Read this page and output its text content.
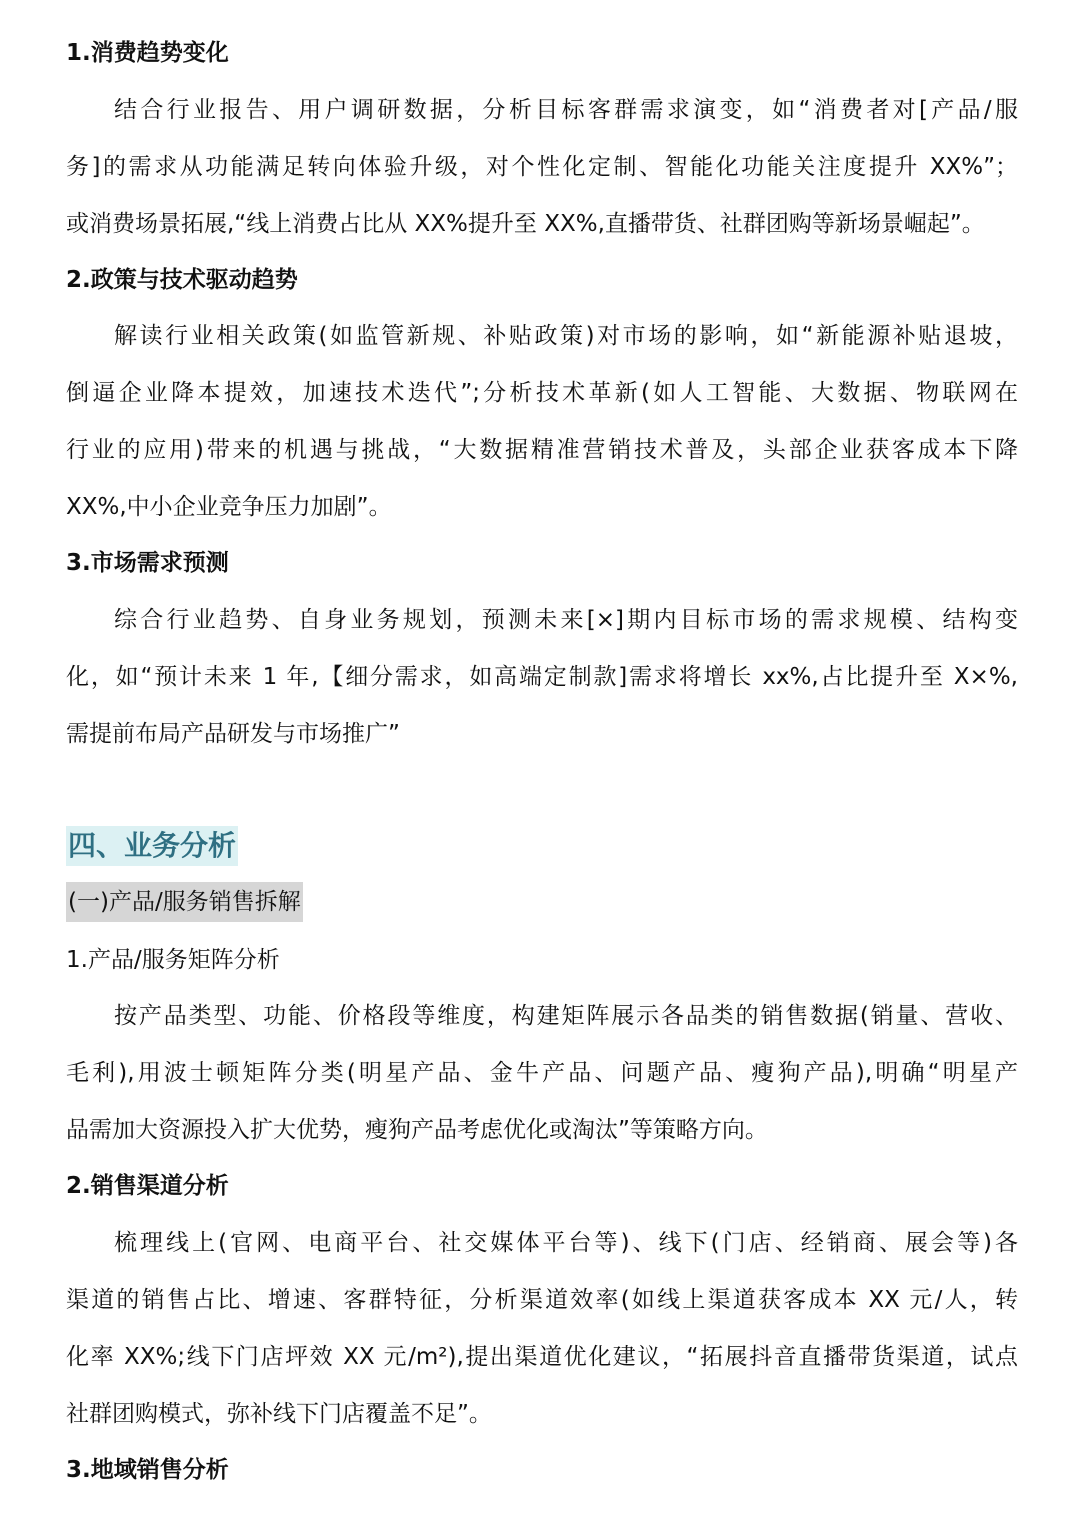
1.消费趋势变化
结合行业报告、用户调研数据，分析目标客群需求演变，如“消费者对[产品/服
务]的需求从功能满足转向体验升级，对个性化定制、智能化功能关注度提升 XX%”；
或消费场景拓展,“线上消费占比从 XX%提升至 XX%,直播带货、社群团购等新场景崛起”。
2.政策与技术驱动趋势
解读行业相关政策(如监管新规、补贴政策)对市场的影响，如“新能源补贴退坡，
倒逼企业降本提效，加速技术迭代”;分析技术革新(如人工智能、大数据、物联网在
行业的应用)带来的机遇与挑战，“大数据精准营销技术普及，头部企业获客成本下降
XX%,中小企业竞争压力加剧”。
3.市场需求预测
综合行业趋势、自身业务规划，预测未来[×]期内目标市场的需求规模、结构变
化，如“预计未来 1 年,【细分需求，如高端定制款]需求将增长 xx%,占比提升至 X×%,
需提前布局产品研发与市场推广”
四、业务分析
(一)产品/服务销售拆解
1.产品/服务矩阵分析
按产品类型、功能、价格段等维度，构建矩阵展示各品类的销售数据(销量、营收、
毛利),用波士顿矩阵分类(明星产品、金牛产品、问题产品、瘦狗产品),明确“明星产
品需加大资源投入扩大优势，瘦狗产品考虑优化或淘汰”等策略方向。
2.销售渠道分析
梳理线上(官网、电商平台、社交媒体平台等)、线下(门店、经销商、展会等)各
渠道的销售占比、增速、客群特征，分析渠道效率(如线上渠道获客成本 XX 元/人，转
化率 XX%;线下门店坪效 XX 元/m²),提出渠道优化建议，“拓展抖音直播带货渠道，试点
社群团购模式，弥补线下门店覆盖不足”。
3.地域销售分析
